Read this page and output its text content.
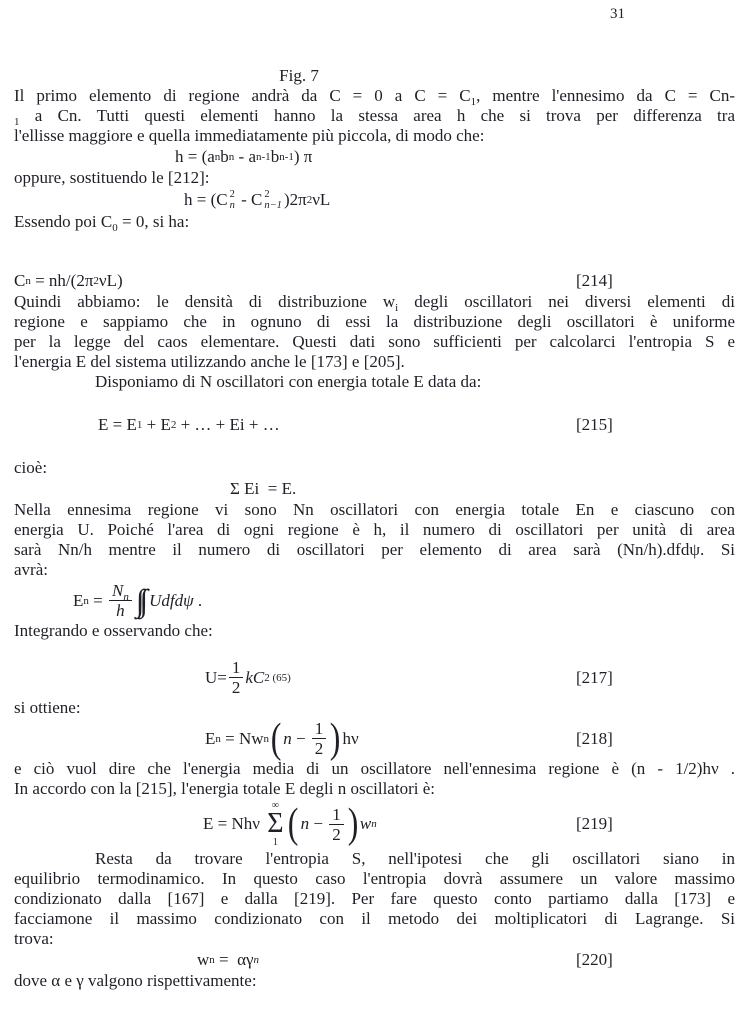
31
Fig. 7
Il primo elemento di regione andrà da C = 0 a $C = C_1$, mentre l'ennesimo da C = Cn-
$_1$ a Cn. Tutti questi elementi hanno la stessa area h che si trova per differenza tra
l'ellisse maggiore e quella immediatamente più piccola, di modo che:
h = (a n b n - a n-1 b n-1 ) π
oppure, sostituendo le [212]:
h = (C 2
n - C 2
n−1 )2π 2 νL
Essendo poi $C_0 = 0$, si ha:
C n = nh/(2π 2 νL)	[214]
Quindi abbiamo: le densità di distribuzione $w_i$ degli oscillatori nei diversi elementi di
regione e sappiamo che in ognuno di essi la distribuzione degli oscillatori è uniforme
per la legge del caos elementare. Questi dati sono sufficienti per calcolarci l'entropia S e
l'energia E del sistema utilizzando anche le [173] e [205].
Disponiamo di N oscillatori con energia totale E data da:
E = E 1 + E 2 + … + Ei + …	[215]
cioè:
Σ Ei  = E.
Nella ennesima regione vi sono Nn oscillatori con energia totale En e ciascuno con
energia U. Poiché l'area di ogni regione è h, il numero di oscillatori per unità di area
sarà Nn/h mentre il numero di oscillatori per elemento di area sarà (Nn/h).dfdψ. Si
avrà:
E $n = \frac{N_n}{h}$ ∫∫ Udfdψ .
Integrando e osservando che:
$U= \frac{1}{2}$ kC 2 (65)	[217]
si ottiene:
E n = Nw n ( $n - \frac{1}{2}$ ) hν	[218]
e ciò vuol dire che l'energia media di un oscillatore nell'ennesima regione è (n - 1/2)hν .
In accordo con la [215], l'energia totale E degli n oscillatori è:
E = Nhν
∞
Σ
1 ( $n - \frac{1}{2}$ ) w n	[219]
Resta da trovare l'entropia S, nell'ipotesi che gli oscillatori siano in
equilibrio termodinamico. In questo caso l'entropia dovrà assumere un valore massimo
condizionato dalla [167] e dalla [219]. Per fare questo conto partiamo dalla [173] e
facciamone il massimo condizionato con il metodo dei moltiplicatori di Lagrange. Si
trova:
w n =  αγ n	[220]
dove α e γ valgono rispettivamente:
